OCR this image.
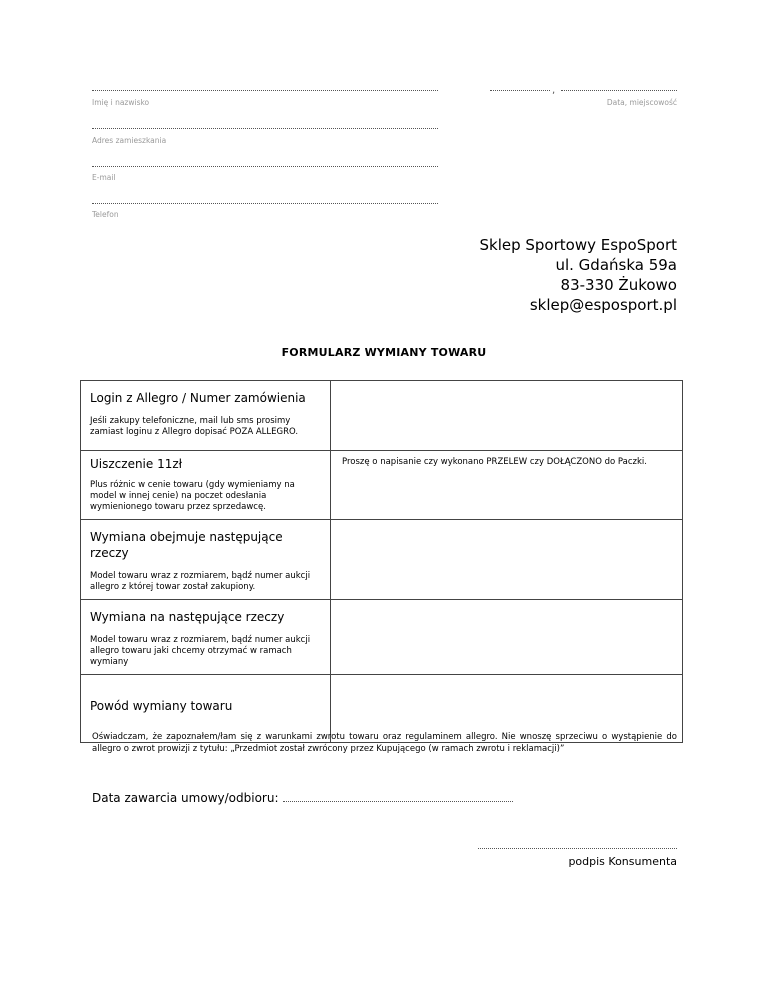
Imię i nazwisko
,
Data, miejscowość
Adres zamieszkania
E-mail
Telefon
Sklep Sportowy EspoSport
ul. Gdańska 59a
83-330 Żukowo
sklep@esposport.pl
FORMULARZ WYMIANY TOWARU
Login z Allegro / Numer zamówienia
Jeśli zakupy telefoniczne, mail lub sms prosimy zamiast loginu z Allegro dopisać POZA ALLEGRO.	

Uiszczenie 11zł
Plus różnic w cenie towaru (gdy wymieniamy na model w innej cenie) na poczet odesłania wymienionego towaru przez sprzedawcę.	Proszę o napisanie czy wykonano PRZELEW czy DOŁĄCZONO do Paczki.

Wymiana obejmuje następujące rzeczy
Model towaru wraz z rozmiarem, bądź numer aukcji allegro z której towar został zakupiony.	

Wymiana na następujące rzeczy
Model towaru wraz z rozmiarem, bądź numer aukcji allegro towaru jaki chcemy otrzymać w ramach wymiany	

Powód wymiany towaru	

Oświadczam, że zapoznałem/łam się z warunkami zwrotu towaru oraz regulaminem allegro. Nie wnoszę sprzeciwu o wystąpienie do allegro o zwrot prowizji z tytułu: „Przedmiot został zwrócony przez Kupującego (w ramach zwrotu i reklamacji)”
Data zawarcia umowy/odbioru:
podpis Konsumenta
